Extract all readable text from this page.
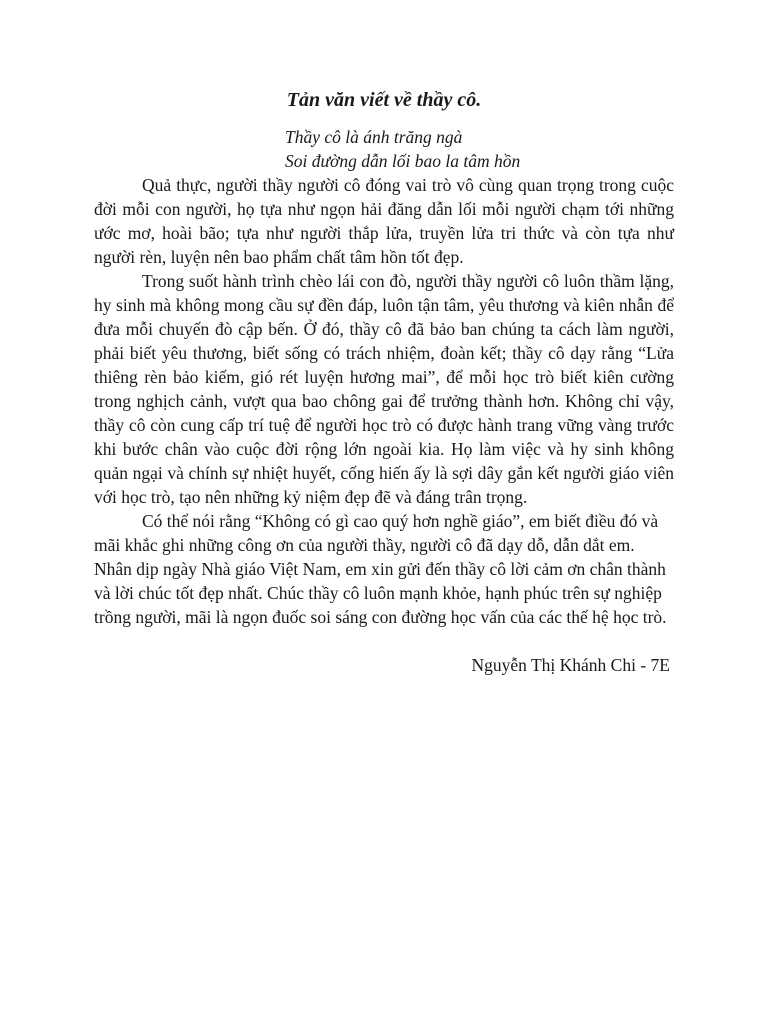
Tản văn viết về thầy cô.
Thầy cô là ánh trăng ngà
Soi đường dẫn lối bao la tâm hồn

Quả thực, người thầy người cô đóng vai trò vô cùng quan trọng trong cuộc đời mỗi con người, họ tựa như ngọn hải đăng dẫn lối mỗi người chạm tới những ước mơ, hoài bão; tựa như người thắp lửa, truyền lửa tri thức và còn tựa như người rèn, luyện nên bao phẩm chất tâm hồn tốt đẹp.

Trong suốt hành trình chèo lái con đò, người thầy người cô luôn thầm lặng, hy sinh mà không mong cầu sự đền đáp, luôn tận tâm, yêu thương và kiên nhẫn để đưa mỗi chuyến đò cập bến. Ở đó, thầy cô đã bảo ban chúng ta cách làm người, phải biết yêu thương, biết sống có trách nhiệm, đoàn kết; thầy cô dạy rằng “Lửa thiêng rèn bảo kiếm, gió rét luyện hương mai”, để mỗi học trò biết kiên cường trong nghịch cảnh, vượt qua bao chông gai để trưởng thành hơn. Không chỉ vậy, thầy cô còn cung cấp trí tuệ để người học trò có được hành trang vững vàng trước khi bước chân vào cuộc đời rộng lớn ngoài kia. Họ làm việc và hy sinh không quản ngại và chính sự nhiệt huyết, cống hiến ấy là sợi dây gắn kết người giáo viên với học trò, tạo nên những kỷ niệm đẹp đẽ và đáng trân trọng.

Có thể nói rằng “Không có gì cao quý hơn nghề giáo”, em biết điều đó và mãi khắc ghi những công ơn của người thầy, người cô đã dạy dỗ, dẫn dắt em. Nhân dịp ngày Nhà giáo Việt Nam, em xin gửi đến thầy cô lời cảm ơn chân thành và lời chúc tốt đẹp nhất. Chúc thầy cô luôn mạnh khỏe, hạnh phúc trên sự nghiệp trồng người, mãi là ngọn đuốc soi sáng con đường học vấn của các thế hệ học trò.

Nguyễn Thị Khánh Chi - 7E
